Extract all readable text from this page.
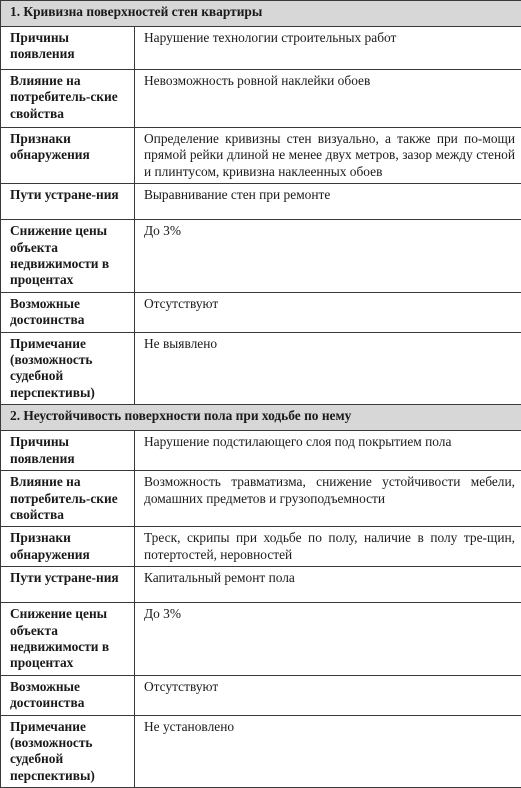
1. Кривизна поверхностей стен квартиры	
Причины появления	Нарушение технологии строительных работ
Влияние на потребитель-ские свойства	Невозможность ровной наклейки обоев
Признаки обнаружения	Определение кривизны стен визуально, а также при по-мощи прямой рейки длиной не менее двух метров, зазор между стеной и плинтусом, кривизна наклеенных обоев
Пути устране-ния	Выравнивание стен при ремонте
Снижение цены объекта недвижимости в процентах	До 3%
Возможные достоинства	Отсутствуют
Примечание (возможность судебной перспективы)	Не выявлено
2. Неустойчивость поверхности пола при ходьбе по нему	
Причины появления	Нарушение подстилающего слоя под покрытием пола
Влияние на потребитель-ские свойства	Возможность травматизма, снижение устойчивости мебели, домашних предметов и грузоподъемности
Признаки обнаружения	Треск, скрипы при ходьбе по полу, наличие в полу тре-щин, потертостей, неровностей
Пути устране-ния	Капитальный ремонт пола
Снижение цены объекта недвижимости в процентах	До 3%
Возможные достоинства	Отсутствуют
Примечание (возможность судебной перспективы)	Не установлено
